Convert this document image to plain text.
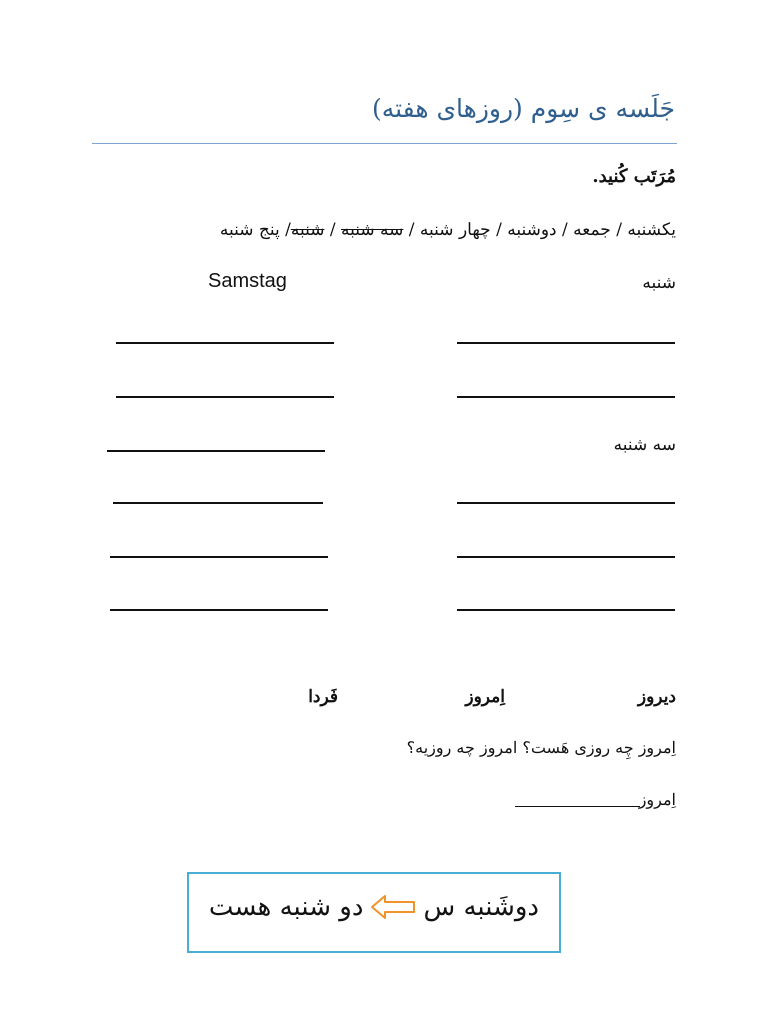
جَلَسه ی سِوم (روزهای هفته)
مُرَتَب کُنید.
یکشنبه / جمعه / دوشنبه / چهار شنبه / سه شنبه / شنبه/ پنج شنبه
شنبه
Samstag
سه شنبه
دیروز
اِمروز
فَردا
اِمروز چِه روزی هَست؟ امروز چه روزیه؟
اِمروز
دو شنبه هست دوشَنبه س
